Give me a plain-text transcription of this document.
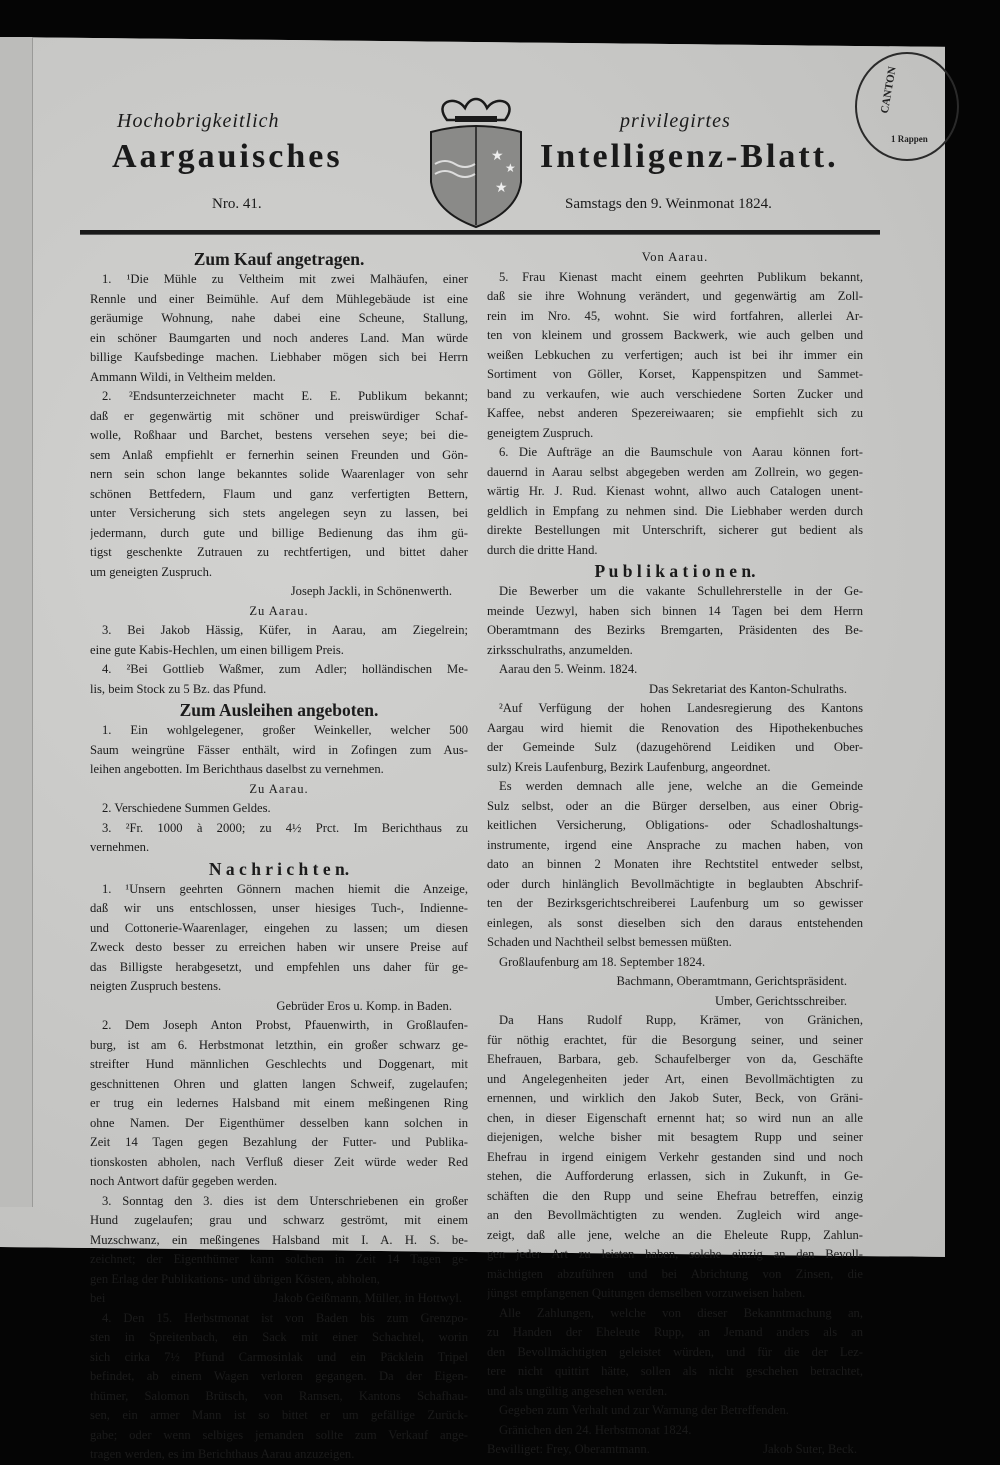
Hochobrigkeitlich
Aargauisches
Nro. 41.
★
★
★
privilegirtes
Intelligenz-Blatt.
Samstags den 9. Weinmonat 1824.
CANTON
1 Rappen
Zum Kauf angetragen.
1. ¹Die Mühle zu Veltheim mit zwei Malhäufen, einer
Rennle und einer Beimühle. Auf dem Mühlegebäude ist eine
geräumige Wohnung, nahe dabei eine Scheune, Stallung,
ein schöner Baumgarten und noch anderes Land. Man würde
billige Kaufsbedinge machen. Liebhaber mögen sich bei Herrn
Ammann Wildi, in Veltheim melden.
2. ²Endsunterzeichneter macht E. E. Publikum bekannt;
daß er gegenwärtig mit schöner und preiswürdiger Schaf-
wolle, Roßhaar und Barchet, bestens versehen seye; bei die-
sem Anlaß empfiehlt er fernerhin seinen Freunden und Gön-
nern sein schon lange bekanntes solide Waarenlager von sehr
schönen Bettfedern, Flaum und ganz verfertigten Bettern,
unter Versicherung sich stets angelegen seyn zu lassen, bei
jedermann, durch gute und billige Bedienung das ihm gü-
tigst geschenkte Zutrauen zu rechtfertigen, und bittet daher
um geneigten Zuspruch.
Joseph Jackli, in Schönenwerth.
Zu Aarau.
3. Bei Jakob Hässig, Küfer, in Aarau, am Ziegelrein;
eine gute Kabis-Hechlen, um einen billigem Preis.
4. ²Bei Gottlieb Waßmer, zum Adler; holländischen Me-
lis, beim Stock zu 5 Bz. das Pfund.
Zum Ausleihen angeboten.
1. Ein wohlgelegener, großer Weinkeller, welcher 500
Saum weingrüne Fässer enthält, wird in Zofingen zum Aus-
leihen angebotten. Im Berichthaus daselbst zu vernehmen.
Zu Aarau.
2. Verschiedene Summen Geldes.
3. ²Fr. 1000 à 2000; zu 4½ Prct. Im Berichthaus zu
vernehmen.
N a c h r i c h t e n.
1. ¹Unsern geehrten Gönnern machen hiemit die Anzeige,
daß wir uns entschlossen, unser hiesiges Tuch-, Indienne-
und Cottonerie-Waarenlager, eingehen zu lassen; um diesen
Zweck desto besser zu erreichen haben wir unsere Preise auf
das Billigste herabgesetzt, und empfehlen uns daher für ge-
neigten Zuspruch bestens.
Gebrüder Eros u. Komp. in Baden.
2. Dem Joseph Anton Probst, Pfauenwirth, in Großlaufen-
burg, ist am 6. Herbstmonat letzthin, ein großer schwarz ge-
streifter Hund männlichen Geschlechts und Doggenart, mit
geschnittenen Ohren und glatten langen Schweif, zugelaufen;
er trug ein ledernes Halsband mit einem meßingenen Ring
ohne Namen. Der Eigenthümer desselben kann solchen in
Zeit 14 Tagen gegen Bezahlung der Futter- und Publika-
tionskosten abholen, nach Verfluß dieser Zeit würde weder Red
noch Antwort dafür gegeben werden.
3. Sonntag den 3. dies ist dem Unterschriebenen ein großer
Hund zugelaufen; grau und schwarz geströmt, mit einem
Muzschwanz, ein meßingenes Halsband mit I. A. H. S. be-
zeichnet; der Eigenthümer kann solchen in Zeit 14 Tagen ge-
gen Erlag der Publikations- und übrigen Kösten, abholen,
bei	Jakob Geißmann, Müller, in Hottwyl.
4. Den 15. Herbstmonat ist von Baden bis zum Grenzpo-
sten in Spreitenbach, ein Sack mit einer Schachtel, worin
sich cirka 7½ Pfund Carmosinlak und ein Päcklein Tripel
befindet, ab einem Wagen verloren gegangen. Da der Eigen-
thümer, Salomon Brütsch, von Ramsen, Kantons Schafhau-
sen, ein armer Mann ist so bittet er um gefällige Zurück-
gabe; oder wenn selbiges jemanden sollte zum Verkauf ange-
tragen werden, es im Berichthaus Aarau anzuzeigen.
Von Aarau.
5. Frau Kienast macht einem geehrten Publikum bekannt,
daß sie ihre Wohnung verändert, und gegenwärtig am Zoll-
rein im Nro. 45, wohnt. Sie wird fortfahren, allerlei Ar-
ten von kleinem und grossem Backwerk, wie auch gelben und
weißen Lebkuchen zu verfertigen; auch ist bei ihr immer ein
Sortiment von Göller, Korset, Kappenspitzen und Sammet-
band zu verkaufen, wie auch verschiedene Sorten Zucker und
Kaffee, nebst anderen Spezereiwaaren; sie empfiehlt sich zu
geneigtem Zuspruch.
6. Die Aufträge an die Baumschule von Aarau können fort-
dauernd in Aarau selbst abgegeben werden am Zollrein, wo gegen-
wärtig Hr. J. Rud. Kienast wohnt, allwo auch Catalogen unent-
geldlich in Empfang zu nehmen sind. Die Liebhaber werden durch
direkte Bestellungen mit Unterschrift, sicherer gut bedient als
durch die dritte Hand.
P u b l i k a t i o n e n.
Die Bewerber um die vakante Schullehrerstelle in der Ge-
meinde Uezwyl, haben sich binnen 14 Tagen bei dem Herrn
Oberamtmann des Bezirks Bremgarten, Präsidenten des Be-
zirksschulraths, anzumelden.
Aarau den 5. Weinm. 1824.
Das Sekretariat des Kanton-Schulraths.
²Auf Verfügung der hohen Landesregierung des Kantons
Aargau wird hiemit die Renovation des Hipothekenbuches
der Gemeinde Sulz (dazugehörend Leidiken und Ober-
sulz) Kreis Laufenburg, Bezirk Laufenburg, angeordnet.
Es werden demnach alle jene, welche an die Gemeinde
Sulz selbst, oder an die Bürger derselben, aus einer Obrig-
keitlichen Versicherung, Obligations- oder Schadloshaltungs-
instrumente, irgend eine Ansprache zu machen haben, von
dato an binnen 2 Monaten ihre Rechtstitel entweder selbst,
oder durch hinlänglich Bevollmächtigte in beglaubten Abschrif-
ten der Bezirksgerichtschreiberei Laufenburg um so gewisser
einlegen, als sonst dieselben sich den daraus entstehenden
Schaden und Nachtheil selbst bemessen müßten.
Großlaufenburg am 18. September 1824.
Bachmann, Oberamtmann, Gerichtspräsident.
Umber, Gerichtsschreiber.
Da Hans Rudolf Rupp, Krämer, von Gränichen,
für nöthig erachtet, für die Besorgung seiner, und seiner
Ehefrauen, Barbara, geb. Schaufelberger von da, Geschäfte
und Angelegenheiten jeder Art, einen Bevollmächtigten zu
ernennen, und wirklich den Jakob Suter, Beck, von Gräni-
chen, in dieser Eigenschaft ernennt hat; so wird nun an alle
diejenigen, welche bisher mit besagtem Rupp und seiner
Ehefrau in irgend einigem Verkehr gestanden sind und noch
stehen, die Aufforderung erlassen, sich in Zukunft, in Ge-
schäften die den Rupp und seine Ehefrau betreffen, einzig
an den Bevollmächtigten zu wenden. Zugleich wird ange-
zeigt, daß alle jene, welche an die Eheleute Rupp, Zahlun-
gen jeder Art zu leisten haben, solche einzig an den Bevoll-
mächtigten abzuführen und bei Abrichtung von Zinsen, die
jüngst empfangenen Quitungen demselben vorzuweisen haben.
Alle Zahlungen, welche von dieser Bekanntmachung an,
zu Handen der Eheleute Rupp, an Jemand anders als an
den Bevollmächtigten geleistet würden, und für die der Lez-
tere nicht quittirt hätte, sollen als nicht geschehen betrachtet,
und als ungültig angesehen werden.
Gegeben zum Verhalt und zur Warnung der Betreffenden.
Gränichen den 24. Herbstmonat 1824.
Bewilliget: Frey, Oberamtmann.	Jakob Suter, Beck.
